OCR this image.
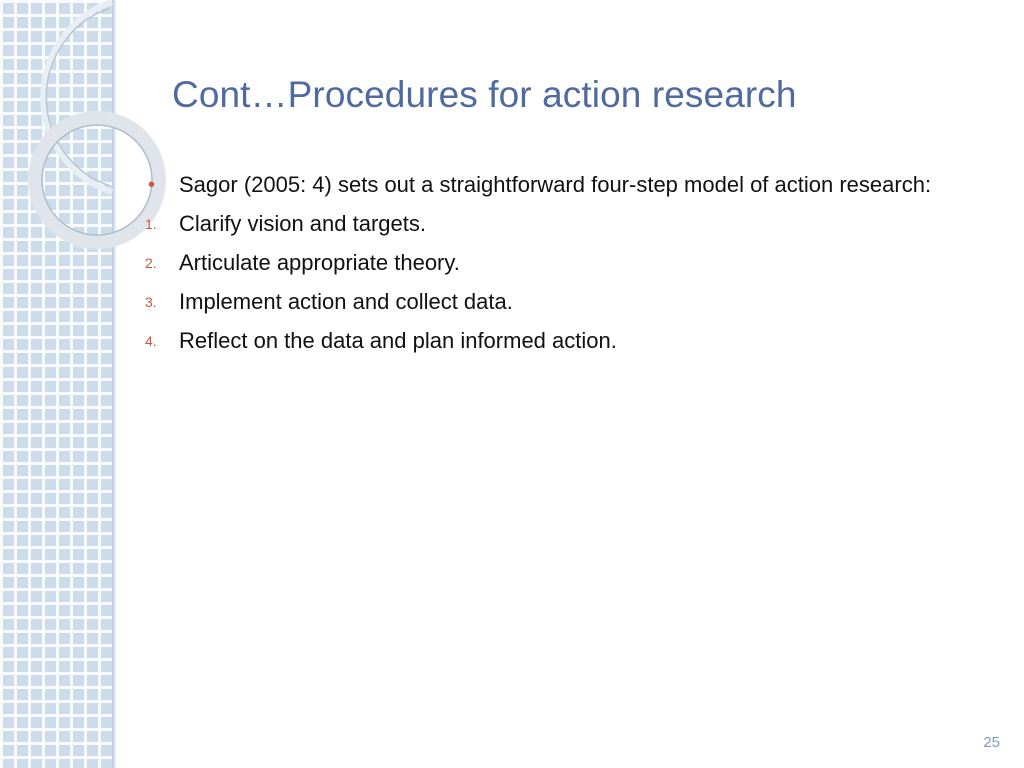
Cont…Procedures for action research
•	Sagor (2005: 4) sets out a straightforward four-step model of action research:
1.	Clarify vision and targets.
2.	Articulate appropriate theory.
3.	Implement action and collect data.
4.	Reflect on the data and plan informed action.
25
